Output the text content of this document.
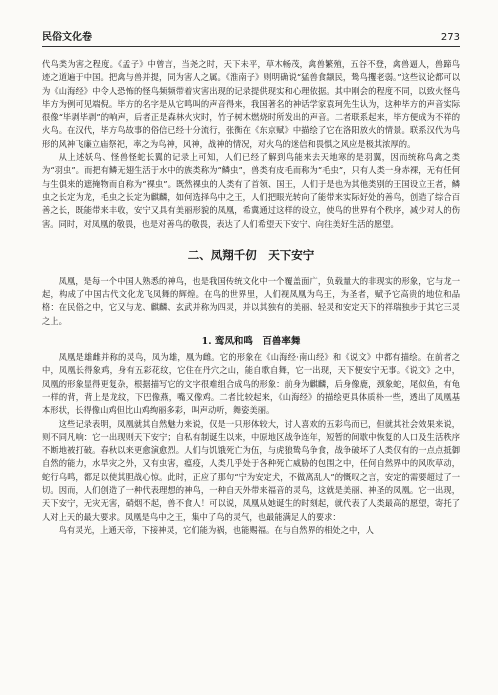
民俗文化卷	273

代鸟类为害之程度。《孟子》中曾言，当尧之时，天下未平，草木畅茂，禽兽繁殖，五谷不登，禽兽逼人，兽蹄鸟迹之道遍于中国。把禽与兽并提，同为害人之属。《淮南子》则明确说“猛兽食颛民，鸷鸟攫老弱。”这些议论都可以为《山海经》中令人恐怖的怪鸟频频带着灾害出现的记录提供现实和心理依据。其中刚会的程度不同，以致火怪鸟毕方为例可见端倪。毕方的名字是从它鸣叫的声音得来，我国著名的神话学家袁珂先生认为，这种毕方的声音实际很像“毕剥毕剥”的响声，后者正是森林火灾时，竹子树木燃烧时所发出的声音。二者联系起来，毕方便成为不祥的火鸟。在汉代，毕方鸟故事的俗信已经十分流行，张衡在《东京赋》中描绘了它在洛阳放火的情景。联系汉代为鸟形的风神飞廉立庙祭祀，率之为鸟神，风神，战神的情况，对火鸟的迷信和畏惧之风应是极其浓厚的。

从上述妖鸟、怪兽怪蛇长翼的记录上可知，人们已经了解到鸟能来去天地寒的是羽翼，因而统称鸟禽之类为“羽虫”。而把有鳞无翅生活于水中的族类称为“鳞虫”，兽类有皮毛而称为“毛虫”，只有人类一身赤裸，无有任何与生俱来的遮掩物而自称为“裸虫”。既然裸虫的人类有了首领、国王，人们于是也为其他类别的王国设立王者，鳞虫之长定为龙，毛虫之长定为麒麟，如何选择鸟中之王，人们把眼光转向了能带来实际好处的善鸟，创造了综合百善之长，既能带来丰收，安宁又具有美丽形貌的凤凰，希冀通过这样的设立，使鸟的世界有个秩序，减少对人的伤害。同时，对凤凰的敬畏，也是对善鸟的敬畏，表达了人们希望天下安宁、向往美好生活的愿望。

二、凤翔千仞　天下安宁

凤凰，是每一个中国人熟悉的神鸟，也是我国传统文化中一个覆盖面广，负载量大的非现实的形象，它与龙一起，构成了中国古代文化龙飞凤舞的辉煌。在鸟的世界里，人们视凤凰为鸟王，为圣者，赋予它高贵的地位和品格：在民俗之中，它又与龙、麒麟、玄武并称为四灵，并以其独有的美丽、轻灵和安定天下的祥瑞独步于其它三灵之上。

1. 鸾凤和鸣　百兽率舞

凤凰是雄雌并称的灵鸟，凤为雄，凰为雌。它的形象在《山海经·南山经》和《说文》中都有描绘。在前者之中，凤凰长得象鸡，身有五彩花纹，它住在丹穴之山，能自歌自舞，它一出现，天下便安宁无事。《说文》之中，凤凰的形象显得更复杂，根据描写它的文字很难组合成鸟的形象：前身为麒麟，后身像鹿，颈象蛇，尾似鱼，有龟一样的背，背上是龙纹，下巴像燕，嘴又像鸡。二者比较起来，《山海经》的描绘更具体质朴一些，透出了凤凰基本形状，长得像山鸡但比山鸡绚丽多彩，叫声动听，舞姿美丽。

这些记录表明，凤凰就其自然魅力来说，仅是一只形体较大，讨人喜欢的五彩鸟而已，但就其社会效果来说，则不同凡响：它一出现则天下安宁；自私有制诞生以来，中原地区战争连年，短暂的间歇中恢复的人口及生活秩序不断地被打破。春秋以来更愈演愈烈。人们与饥饿死亡为伍，与虎狼鸷鸟争食，战争破坏了人类仅有的一点点抵御自然的能力，水旱灾之外，又有虫害，瘟疫，人类几乎处于各种死亡威胁的包围之中，任何自然界中的风吹草动，蛇行乌鸣，都足以使其胆战心惊。此时，正应了那句“宁为安定犬，不做离乱人”的慨叹之言，安定的需要超过了一切。因而，人们创造了一种代表理想的神鸟，一种自天外带来福音的灵鸟，这就是美丽、神圣的凤凰。它一出现，天下安宁，无灾无害，硝烟不起，兽不食人！可以说，凤凰从她诞生的时刻起，就代表了人类最高的愿望，寄托了人对上天的最大要求。凤凰是鸟中之王，集中了鸟的灵气，也最能满足人的要求：

鸟有灵光，上通天帝，下接神灵，它们能为祸，也能赐福。在与自然界的相处之中，人
